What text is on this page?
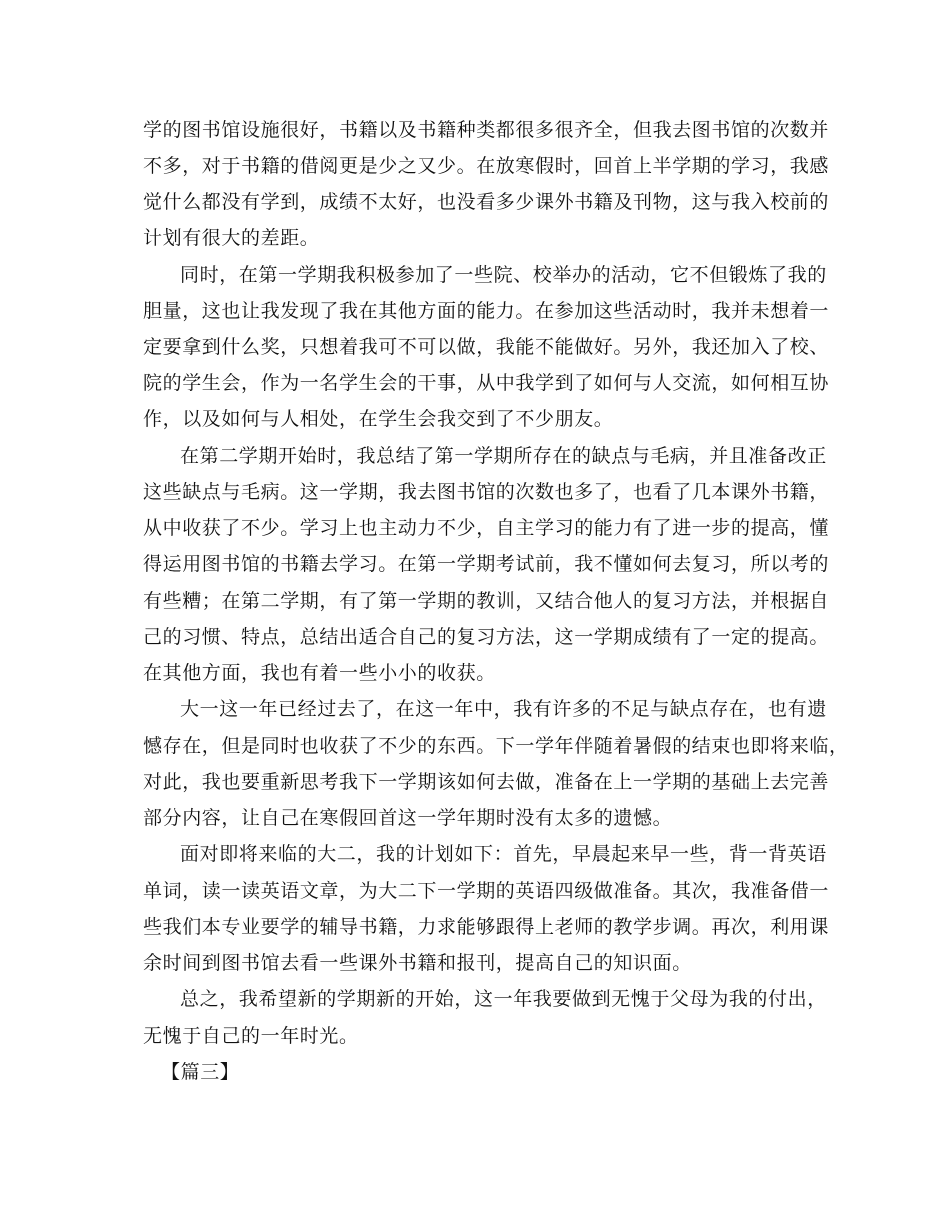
学的图书馆设施很好，书籍以及书籍种类都很多很齐全，但我去图书馆的次数并
不多，对于书籍的借阅更是少之又少。在放寒假时，回首上半学期的学习，我感
觉什么都没有学到，成绩不太好，也没看多少课外书籍及刊物，这与我入校前的
计划有很大的差距。
同时，在第一学期我积极参加了一些院、校举办的活动，它不但锻炼了我的
胆量，这也让我发现了我在其他方面的能力。在参加这些活动时，我并未想着一
定要拿到什么奖，只想着我可不可以做，我能不能做好。另外，我还加入了校、
院的学生会，作为一名学生会的干事，从中我学到了如何与人交流，如何相互协
作，以及如何与人相处，在学生会我交到了不少朋友。
在第二学期开始时，我总结了第一学期所存在的缺点与毛病，并且准备改正
这些缺点与毛病。这一学期，我去图书馆的次数也多了，也看了几本课外书籍，
从中收获了不少。学习上也主动力不少，自主学习的能力有了进一步的提高，懂
得运用图书馆的书籍去学习。在第一学期考试前，我不懂如何去复习，所以考的
有些糟；在第二学期，有了第一学期的教训，又结合他人的复习方法，并根据自
己的习惯、特点，总结出适合自己的复习方法，这一学期成绩有了一定的提高。
在其他方面，我也有着一些小小的收获。
大一这一年已经过去了，在这一年中，我有许多的不足与缺点存在，也有遗
憾存在，但是同时也收获了不少的东西。下一学年伴随着暑假的结束也即将来临，
对此，我也要重新思考我下一学期该如何去做，准备在上一学期的基础上去完善
部分内容，让自己在寒假回首这一学年期时没有太多的遗憾。
面对即将来临的大二，我的计划如下：首先，早晨起来早一些，背一背英语
单词，读一读英语文章，为大二下一学期的英语四级做准备。其次，我准备借一
些我们本专业要学的辅导书籍，力求能够跟得上老师的教学步调。再次，利用课
余时间到图书馆去看一些课外书籍和报刊，提高自己的知识面。
总之，我希望新的学期新的开始，这一年我要做到无愧于父母为我的付出，
无愧于自己的一年时光。
【篇三】
